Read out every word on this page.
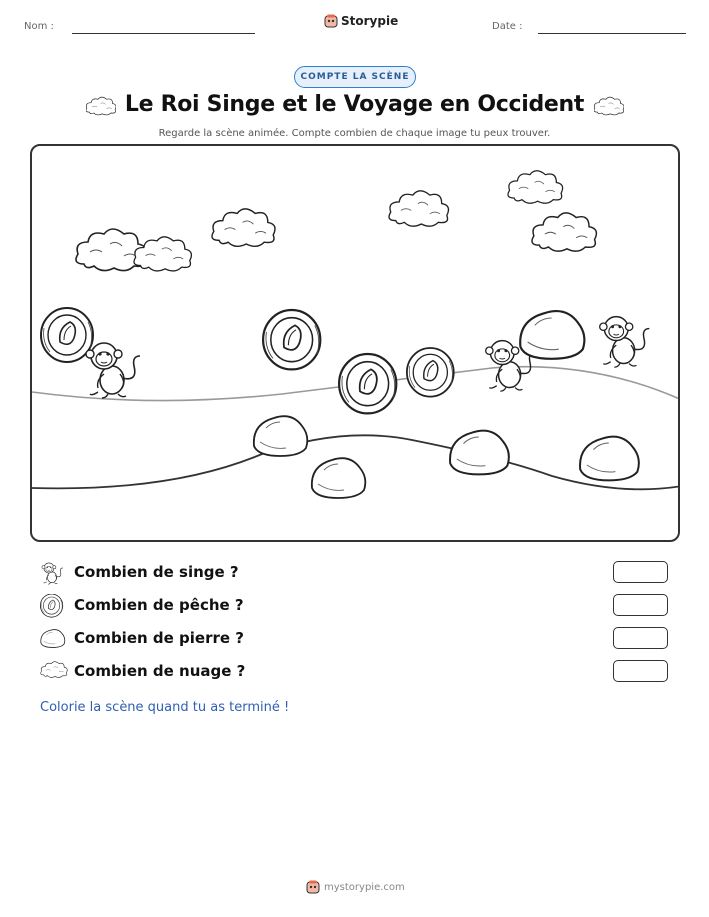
Nom :	Storypie	Date :
COMPTE LA SCÈNE
Le Roi Singe et le Voyage en Occident
Regarde la scène animée. Compte combien de chaque image tu peux trouver.
Combien de singe ?
Combien de pêche ?
Combien de pierre ?
Combien de nuage ?
Colorie la scène quand tu as terminé !
mystorypie.com
